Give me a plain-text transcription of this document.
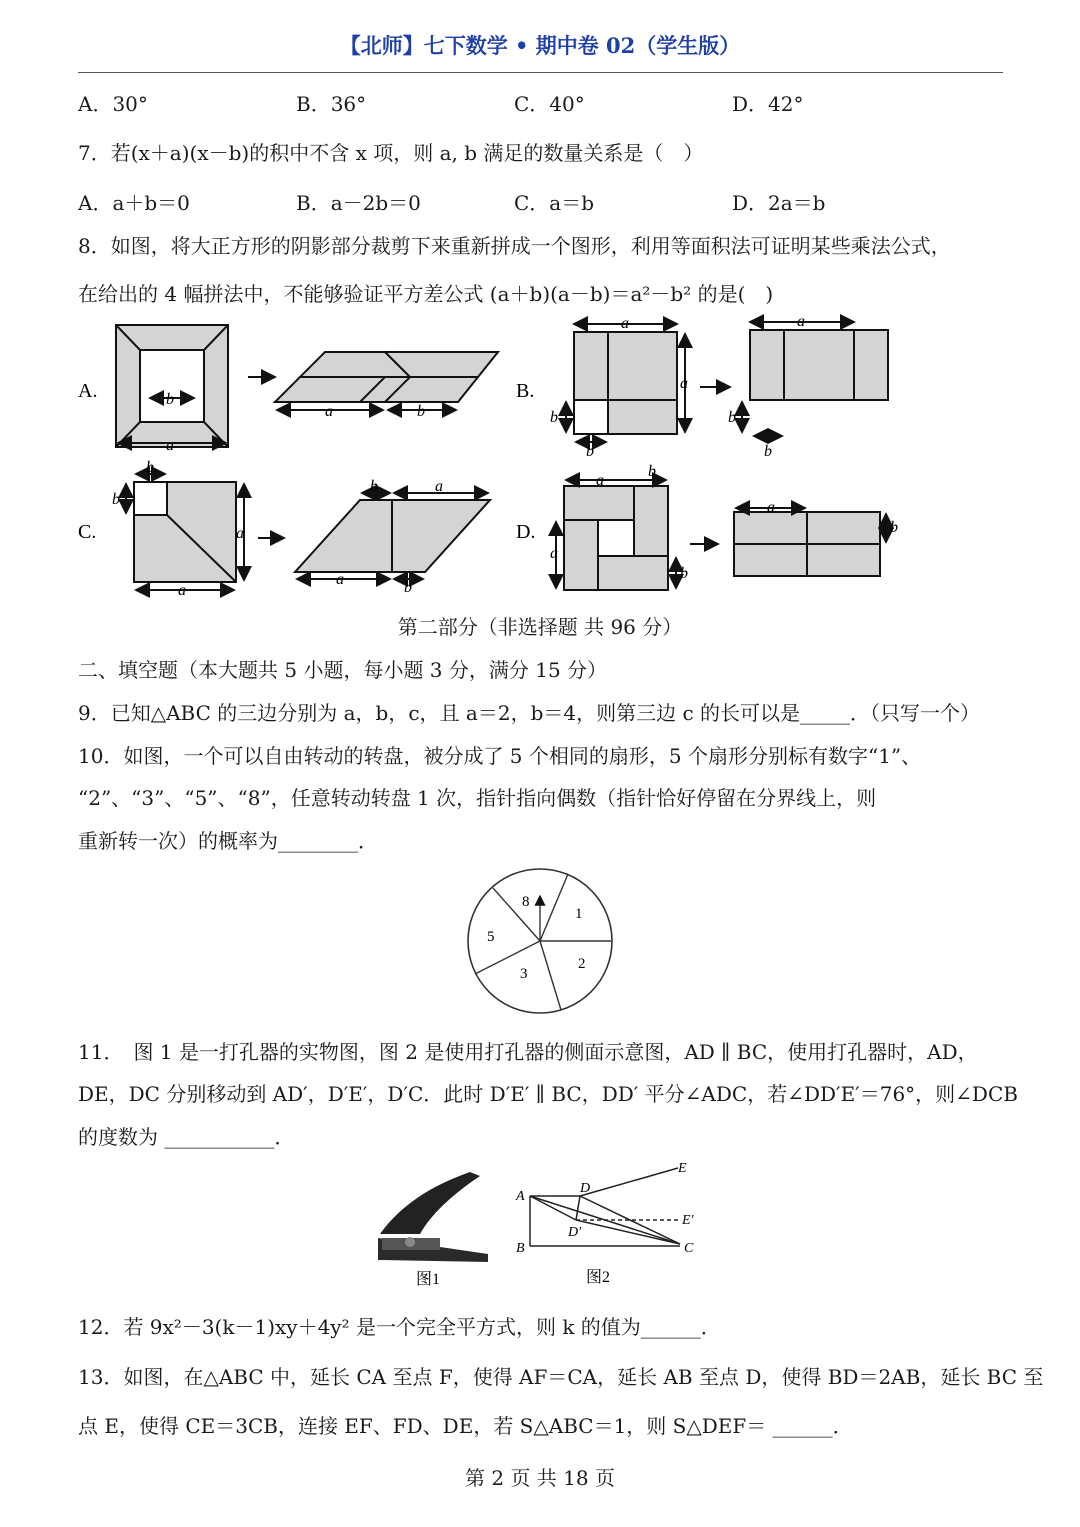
【北师】七下数学 • 期中卷 02（学生版）
A．30°	B．36°	C．40°	D．42°
7．若(x＋a)(x－b)的积中不含 x 项，则 a, b 满足的数量关系是（　）
A．a＋b＝0	B．a－2b＝0	C．a＝b	D．2a＝b
8．如图，将大正方形的阴影部分裁剪下来重新拼成一个图形，利用等面积法可证明某些乘法公式，
在给出的 4 幅拼法中，不能够验证平方差公式 (a＋b)(a－b)＝a²－b² 的是(　)
A.	b
a
a	b
B.
a
a
b
b
a
b
b
C.
b
b
a
a
b	a
a	b
D.
a
b
a
b
a
b
第二部分（非选择题 共 96 分）
二、填空题（本大题共 5 小题，每小题 3 分，满分 15 分）
9．已知△ABC 的三边分别为 a，b，c，且 a＝2，b＝4，则第三边 c 的长可以是_____．（只写一个）
10．如图，一个可以自由转动的转盘，被分成了 5 个相同的扇形，5 个扇形分别标有数字“1”、
“2”、“3”、“5”、“8”，任意转动转盘 1 次，指针指向偶数（指针恰好停留在分界线上，则
重新转一次）的概率为________．
8
1
2
3
5
11．　图 1 是一打孔器的实物图，图 2 是使用打孔器的侧面示意图，AD ∥ BC，使用打孔器时，AD，
DE，DC 分别移动到 AD′，D′E′，D′C．此时 D′E′ ∥ BC，DD′ 平分∠ADC，若∠DD′E′＝76°，则∠DCB
的度数为 ___________．
图1
A
B	C
D
D′
E
E′
图2
12．若 9x²－3(k－1)xy＋4y² 是一个完全平方式，则 k 的值为______．
13．如图，在△ABC 中，延长 CA 至点 F，使得 AF＝CA，延长 AB 至点 D，使得 BD＝2AB，延长 BC 至
点 E，使得 CE＝3CB，连接 EF、FD、DE，若 S△ABC＝1，则 S△DEF＝ ______．
第 2 页 共 18 页
